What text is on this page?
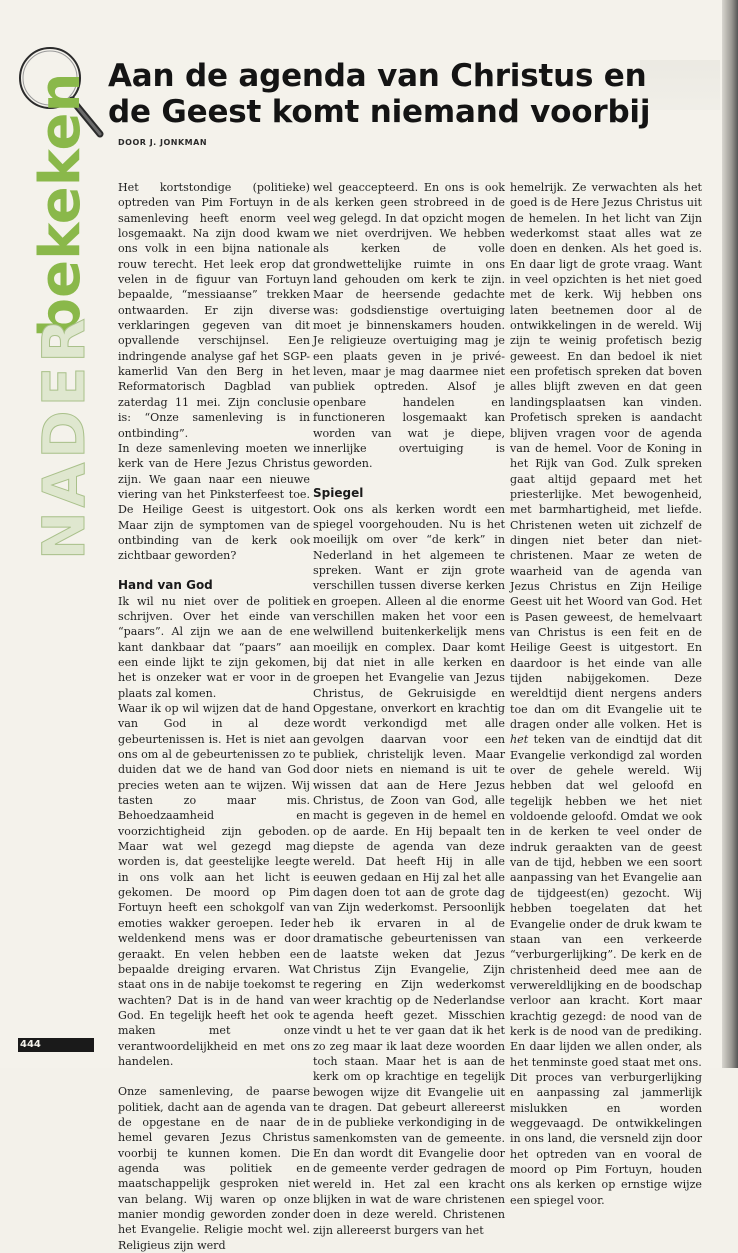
bekeken
NADER
Aan de agenda van Christus en de Geest komt niemand voorbij
DOOR J. JONKMAN

Het kortstondige (politieke) optreden van Pim Fortuyn in de samenleving heeft enorm veel losgemaakt. Na zijn dood kwam ons volk in een bijna nationale rouw terecht. Het leek erop dat velen in de figuur van Fortuyn bepaalde, “messiaanse” trekken ontwaarden. Er zijn diverse verklaringen gegeven van dit opvallende verschijnsel. Een indringende analyse gaf het SGP-kamerlid Van den Berg in het Reformatorisch Dagblad van zaterdag 11 mei. Zijn conclusie is: “Onze samenleving is in ontbinding”.

In deze samenleving moeten we kerk van de Here Jezus Christus zijn. We gaan naar een nieuwe viering van het Pinksterfeest toe. De Heilige Geest is uitgestort. Maar zijn de symptomen van de ontbinding van de kerk ook zichtbaar geworden?

Hand van God

Ik wil nu niet over de politiek schrijven. Over het einde van “paars”. Al zijn we aan de ene kant dankbaar dat “paars” aan een einde lijkt te zijn gekomen, het is onzeker wat er voor in de plaats zal komen.

Waar ik op wil wijzen dat de hand van God in al deze gebeurtenissen is. Het is niet aan ons om al de gebeurtenissen zo te duiden dat we de hand van God precies weten aan te wijzen. Wij tasten zo maar mis. Behoedzaamheid en voorzichtigheid zijn geboden. Maar wat wel gezegd mag worden is, dat geestelijke leegte in ons volk aan het licht is gekomen. De moord op Pim Fortuyn heeft een schokgolf van emoties wakker geroepen. Ieder weldenkend mens was er door geraakt. En velen hebben een bepaalde dreiging ervaren. Wat staat ons in de nabije toekomst te wachten? Dat is in de hand van God. En tegelijk heeft het ook te maken met onze verantwoordelijkheid en met ons handelen.

Onze samenleving, de paarse politiek, dacht aan de agenda van de opgestane en de naar de hemel gevaren Jezus Christus voorbij te kunnen komen. Die agenda was politiek en maatschappelijk gesproken niet van belang. Wij waren op onze manier mondig geworden zonder het Evangelie. Religie mocht wel. Religieus zijn werd

wel geaccepteerd. En ons is ook als kerken geen strobreed in de weg gelegd. In dat opzicht mogen we niet overdrijven. We hebben als kerken de volle grondwettelijke ruimte in ons land gehouden om kerk te zijn. Maar de heersende gedachte was: godsdienstige overtuiging moet je binnenskamers houden. Je religieuze overtuiging mag je een plaats geven in je privé-leven, maar je mag daarmee niet publiek optreden. Alsof je openbare handelen en functioneren losgemaakt kan worden van wat je diepe, innerlijke overtuiging is geworden.

Spiegel

Ook ons als kerken wordt een spiegel voorgehouden. Nu is het moeilijk om over “de kerk” in Nederland in het algemeen te spreken. Want er zijn grote verschillen tussen diverse kerken en groepen. Alleen al die enorme verschillen maken het voor een welwillend buitenkerkelijk mens moeilijk en complex. Daar komt bij dat niet in alle kerken en groepen het Evangelie van Jezus Christus, de Gekruisigde en Opgestane, onverkort en krachtig wordt verkondigd met alle gevolgen daarvan voor een publiek, christelijk leven. Maar door niets en niemand is uit te wissen dat aan de Here Jezus Christus, de Zoon van God, alle macht is gegeven in de hemel en op de aarde. En Hij bepaalt ten diepste de agenda van deze wereld. Dat heeft Hij in alle eeuwen gedaan en Hij zal het alle dagen doen tot aan de grote dag van Zijn wederkomst. Persoonlijk heb ik ervaren in al de dramatische gebeurtenissen van de laatste weken dat Jezus Christus Zijn Evangelie, Zijn regering en Zijn wederkomst weer krachtig op de Nederlandse agenda heeft gezet. Misschien vindt u het te ver gaan dat ik het zo zeg maar ik laat deze woorden toch staan. Maar het is aan de kerk om op krachtige en tegelijk bewogen wijze dit Evangelie uit te dragen. Dat gebeurt allereerst in de publieke verkondiging in de samenkomsten van de gemeente. En dan wordt dit Evangelie door de gemeente verder gedragen de wereld in. Het zal een kracht blijken in wat de ware christenen doen in deze wereld. Christenen zijn allereerst burgers van het

hemelrijk. Ze verwachten als het goed is de Here Jezus Christus uit de hemelen. In het licht van Zijn wederkomst staat alles wat ze doen en denken. Als het goed is. En daar ligt de grote vraag. Want in veel opzichten is het niet goed met de kerk. Wij hebben ons laten beetnemen door al de ontwikkelingen in de wereld. Wij zijn te weinig profetisch bezig geweest. En dan bedoel ik niet een profetisch spreken dat boven alles blijft zweven en dat geen landingsplaatsen kan vinden. Profetisch spreken is aandacht blijven vragen voor de agenda van de hemel. Voor de Koning in het Rijk van God. Zulk spreken gaat altijd gepaard met het priesterlijke. Met bewogenheid, met barmhartigheid, met liefde. Christenen weten uit zichzelf de dingen niet beter dan niet-christenen. Maar ze weten de waarheid van de agenda van Jezus Christus en Zijn Heilige Geest uit het Woord van God. Het is Pasen geweest, de hemelvaart van Christus is een feit en de Heilige Geest is uitgestort. En daardoor is het einde van alle tijden nabijgekomen. Deze wereldtijd dient nergens anders toe dan om dit Evangelie uit te dragen onder alle volken. Het is het teken van de eindtijd dat dit Evangelie verkondigd zal worden over de gehele wereld. Wij hebben dat wel geloofd en tegelijk hebben we het niet voldoende geloofd. Omdat we ook in de kerken te veel onder de indruk geraakten van de geest van de tijd, hebben we een soort aanpassing van het Evangelie aan de tijdgeest(en) gezocht. Wij hebben toegelaten dat het Evangelie onder de druk kwam te staan van een verkeerde “verburgerlijking”. De kerk en de christenheid deed mee aan de verwereldlijking en de boodschap verloor aan kracht. Kort maar krachtig gezegd: de nood van de kerk is de nood van de prediking. En daar lijden we allen onder, als het tenminste goed staat met ons.

Dit proces van verburgerlijking en aanpassing zal jammerlijk mislukken en worden weggevaagd. De ontwikkelingen in ons land, die versneld zijn door het optreden van en vooral de moord op Pim Fortuyn, houden ons als kerken op ernstige wijze een spiegel voor.

444
